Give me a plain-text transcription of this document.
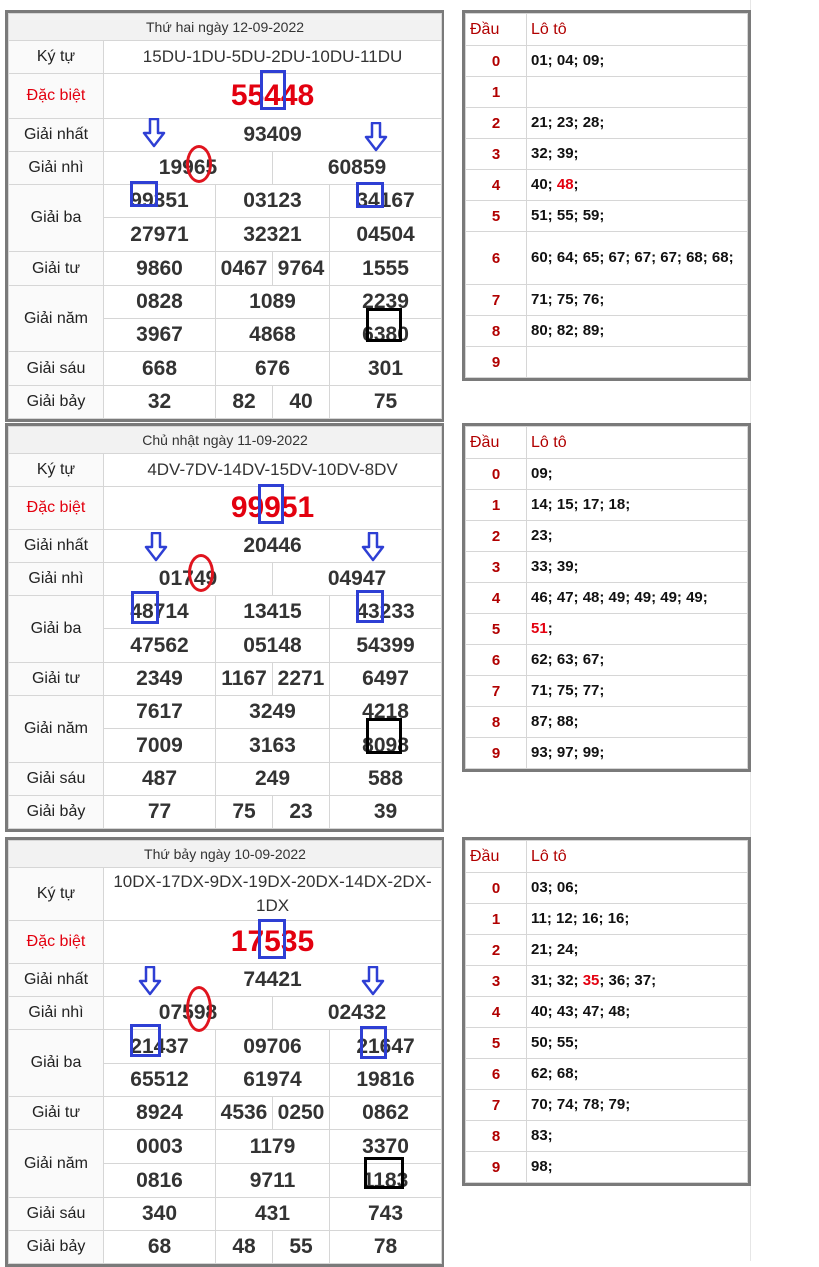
Thứ hai ngày 12-09-2022				
Ký tự	15DU-1DU-5DU-2DU-10DU-11DU			
Đặc biệt	55448			
Giải nhất	93409			
Giải nhì	19965		60859	
Giải ba	99351	03123		34167
	27971	32321		04504
Giải tư	9860	0467	9764	1555
Giải năm	0828	1089		2239
	3967	4868		6380
Giải sáu	668	676		301
Giải bảy	32	82	40	75
Đầu	Lô tô
0	01; 04; 09;
1	
2	21; 23; 28;
3	32; 39;
4	40; 48;
5	51; 55; 59;
6	60; 64; 65; 67; 67; 67; 68; 68;
7	71; 75; 76;
8	80; 82; 89;
9	
Chủ nhật ngày 11-09-2022				
Ký tự	4DV-7DV-14DV-15DV-10DV-8DV			
Đặc biệt	99951			
Giải nhất	20446			
Giải nhì	01749		04947	
Giải ba	48714	13415		43233
	47562	05148		54399
Giải tư	2349	1167	2271	6497
Giải năm	7617	3249		4218
	7009	3163		8098
Giải sáu	487	249		588
Giải bảy	77	75	23	39
Đầu	Lô tô
0	09;
1	14; 15; 17; 18;
2	23;
3	33; 39;
4	46; 47; 48; 49; 49; 49; 49;
5	51;
6	62; 63; 67;
7	71; 75; 77;
8	87; 88;
9	93; 97; 99;
Thứ bảy ngày 10-09-2022				
Ký tự	10DX-17DX-9DX-19DX-20DX-14DX-2DX-1DX			
Đặc biệt	17535			
Giải nhất	74421			
Giải nhì	07598		02432	
Giải ba	21437	09706		21647
	65512	61974		19816
Giải tư	8924	4536	0250	0862
Giải năm	0003	1179		3370
	0816	9711		1183
Giải sáu	340	431		743
Giải bảy	68	48	55	78
Đầu	Lô tô
0	03; 06;
1	11; 12; 16; 16;
2	21; 24;
3	31; 32; 35; 36; 37;
4	40; 43; 47; 48;
5	50; 55;
6	62; 68;
7	70; 74; 78; 79;
8	83;
9	98;
